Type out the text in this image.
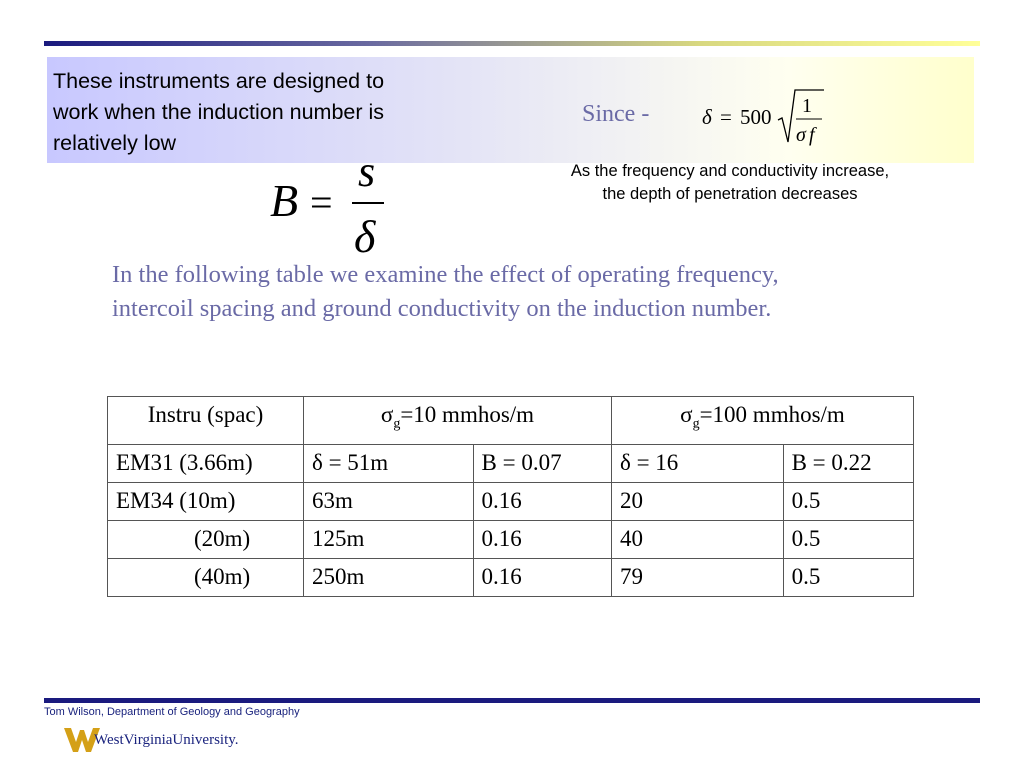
These instruments are designed to work when the induction number is relatively low
Since -	δ = 500 1
σ f
As the frequency and conductivity increase,
the depth of penetration decreases
B =
s
δ
In the following table we examine the effect of operating frequency,
intercoil spacing and ground conductivity on the induction number.
Instru (spac)	$\sigma_g=10$ mmhos/m		$\sigma_g=100$ mmhos/m	
EM31 (3.66m)	δ = 51m	B = 0.07	δ = 16	B = 0.22
EM34 (10m)	63m	0.16	20	0.5
(20m)	125m	0.16	40	0.5
(40m)	250m	0.16	79	0.5
Tom Wilson, Department of Geology and Geography
WestVirginiaUniversity.
